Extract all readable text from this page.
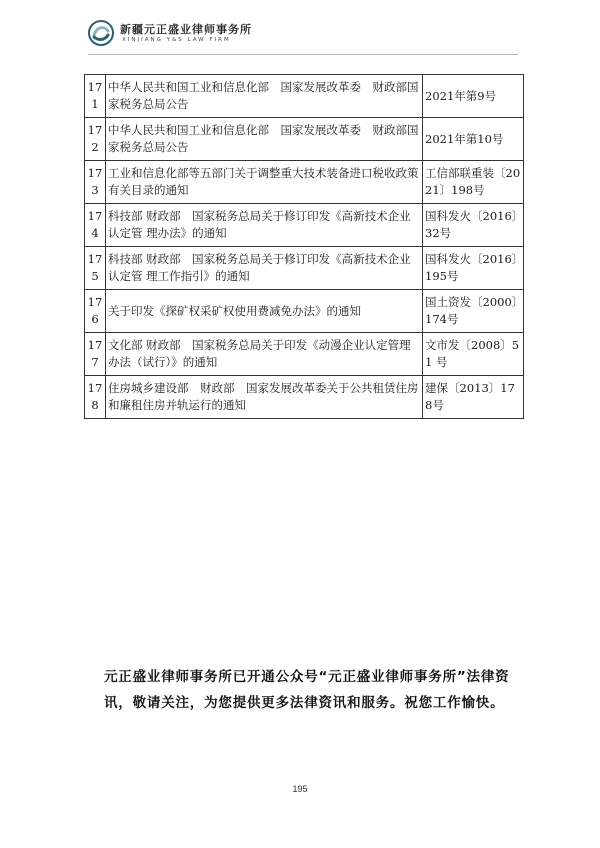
新疆元正盛业律师事务所
XINJIANG Y&S LAW FIRM
171	中华人民共和国工业和信息化部　国家发展改革委　财政部国家税务总局公告	2021年第9号
172	中华人民共和国工业和信息化部　国家发展改革委　财政部国家税务总局公告	2021年第10号
173	工业和信息化部等五部门关于调整重大技术装备进口税收政策有关目录的通知	工信部联重装〔2021〕198号
174	科技部 财政部　国家税务总局关于修订印发《高新技术企业认定管 理办法》的通知	国科发火〔2016〕32号
175	科技部 财政部　国家税务总局关于修订印发《高新技术企业认定管 理工作指引》的通知	国科发火〔2016〕195号
176	关于印发《探矿权采矿权使用费减免办法》的通知	国土资发〔2000〕174号
177	文化部 财政部　国家税务总局关于印发《动漫企业认定管理办法（试行）》的通知	文市发〔2008〕51 号
178	住房城乡建设部　财政部　国家发展改革委关于公共租赁住房和廉租住房并轨运行的通知	建保〔2013〕178号
元正盛业律师事务所已开通公众号“元正盛业律师事务所”法律资讯，敬请关注，为您提供更多法律资讯和服务。祝您工作愉快。
195
